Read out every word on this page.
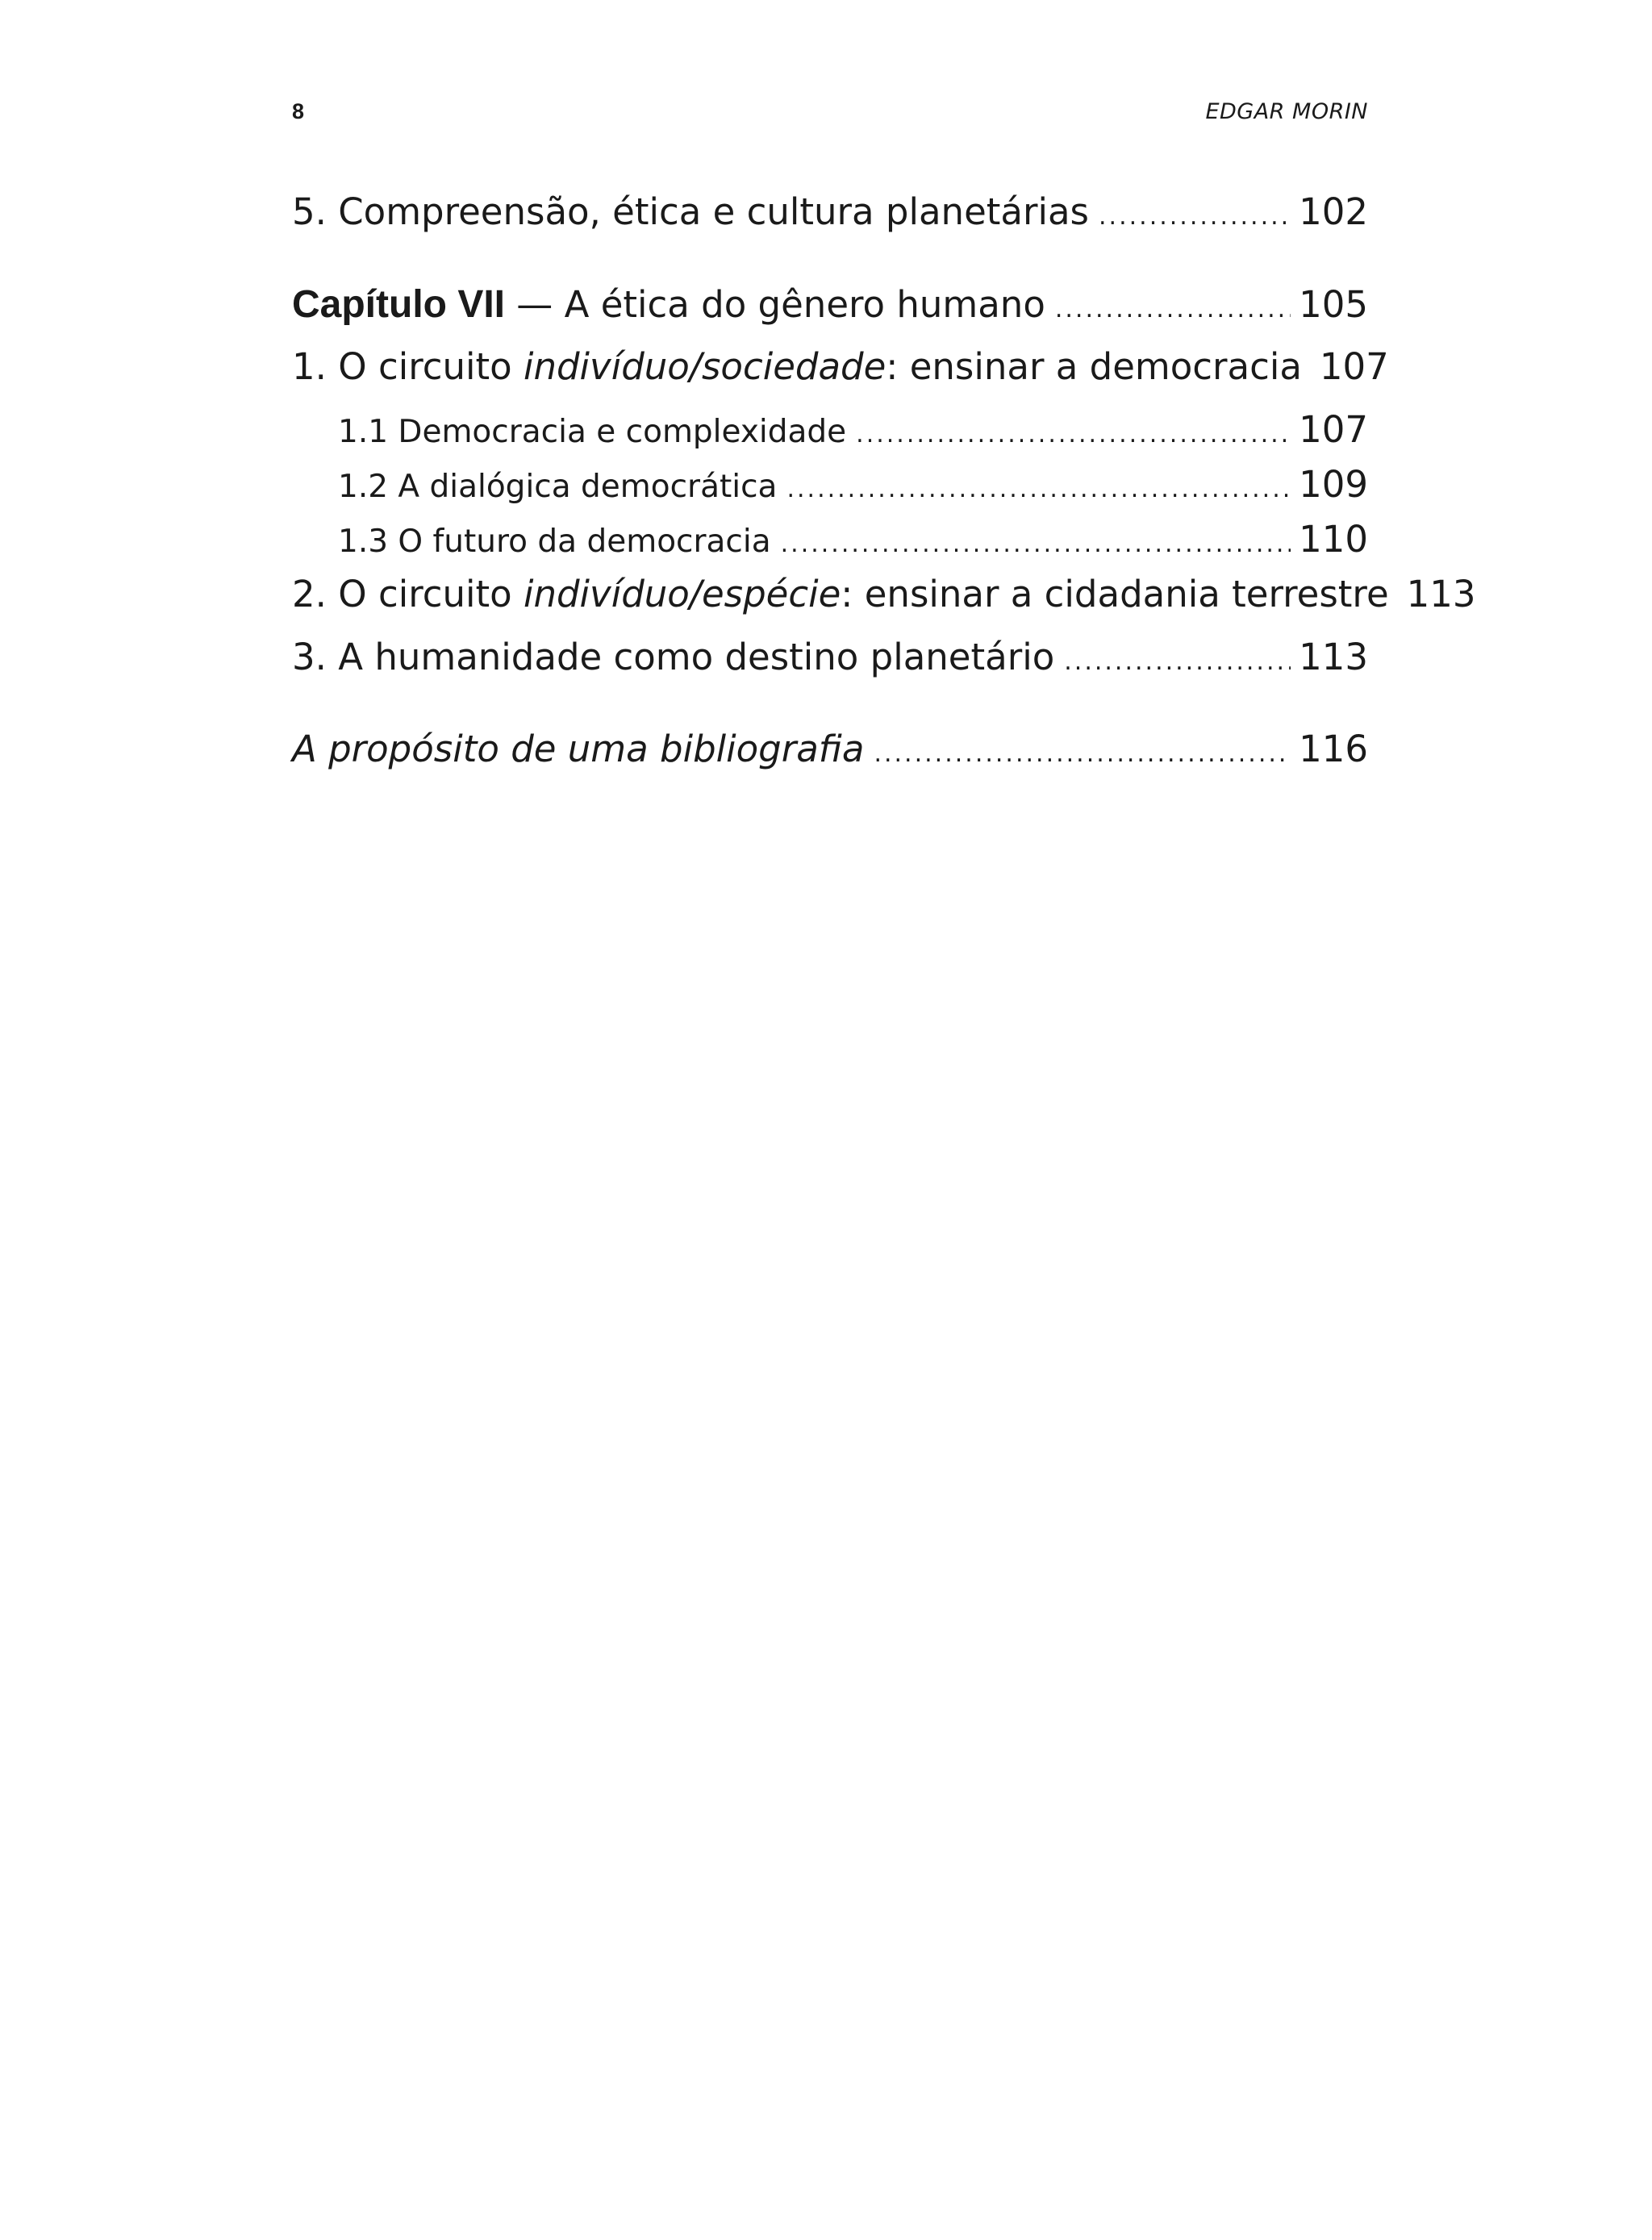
8	EDGAR MORIN
5. Compreensão, ética e cultura planetárias .....	102
Capítulo VII — A ética do gênero humano .....	105
1. O circuito indivíduo/sociedade: ensinar a democracia 107
1.1 Democracia e complexidade .....	107
1.2 A dialógica democrática .....	109
1.3 O futuro da democracia .....	110
2. O circuito indivíduo/espécie: ensinar a cidadania terrestre 113
3. A humanidade como destino planetário .....	113
A propósito de uma bibliografia .....	116
